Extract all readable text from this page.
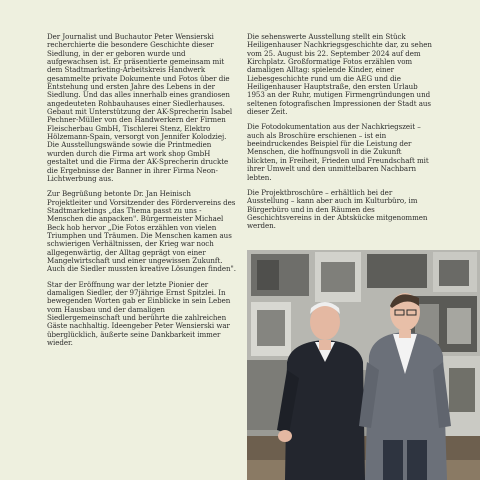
Der Journalist und Buchautor Peter Wensierski recherchierte die besondere Geschichte dieser Siedlung, in der er geboren wurde und aufgewachsen ist. Er präsentierte gemeinsam mit dem Stadtmarketing-Arbeitskreis Handwerk gesammelte private Dokumente und Fotos über die Entstehung und ersten Jahre des Lebens in der Siedlung. Und das alles innerhalb eines grandiosen angedeuteten Rohbauhauses einer Siedlerhauses. Gebaut mit Unterstützung der AK-Sprecherin Isabel Pechner-Müller von den Handwerkern der Firmen Fleischerbau GmbH, Tischlerei Stenz, Elektro Hölzemann-Spain, versorgt von Jennifer Kolodziej. Die Ausstellungswände sowie die Printmedien wurden durch die Firma art work shop GmbH gestaltet und die Firma der AK-Sprecherin druckte die Ergebnisse der Banner in ihrer Firma Neon-Lichtwerbung aus.

Zur Begrüßung betonte Dr. Jan Heinisch Projektleiter und Vorsitzender des Fördervereins des Stadtmarketings „das Thema passt zu uns - Menschen die anpacken". Bürgermeister Michael Beck hob hervor „Die Fotos erzählen von vielen Triumphen und Träumen. Die Menschen kamen aus schwierigen Verhältnissen, der Krieg war noch allgegenwärtig, der Alltag geprägt von einer Mangelwirtschaft und einer ungewissen Zukunft. Auch die Siedler mussten kreative Lösungen finden".

Star der Eröffnung war der letzte Pionier der damaligen Siedler, der 97jährige Ernst Spitzlei. In bewegenden Worten gab er Einblicke in sein Leben vom Hausbau und der damaligen Siedlergemeinschaft und berührte die zahlreichen Gäste nachhaltig. Ideengeber Peter Wensierski war überglücklich, äußerte seine Dankbarkeit immer wieder.

Die sehenswerte Ausstellung stellt ein Stück Heiligenhauser Nachkriegsgeschichte dar, zu sehen vom 25. August bis 22. September 2024 auf dem Kirchplatz. Großformatige Fotos erzählen vom damaligen Alltag: spielende Kinder, einer Liebesgeschichte rund um die AEG und die Heiligenhauser Hauptstraße, den ersten Urlaub 1953 an der Ruhr, mutigen Firmengründungen und seltenen fotografischen Impressionen der Stadt aus dieser Zeit.

Die Fotodokumentation aus der Nachkriegszeit – auch als Broschüre erschienen – ist ein beeindruckendes Beispiel für die Leistung der Menschen, die hoffnungsvoll in die Zukunft blickten, in Freiheit, Frieden und Freundschaft mit ihrer Umwelt und den unmittelbaren Nachbarn lebten.

Die Projektbroschüre – erhältlich bei der Ausstellung – kann aber auch im Kulturbüro, im Bürgerbüro und in den Räumen des Geschichtsvereins in der Abtskücke mitgenommen werden.
